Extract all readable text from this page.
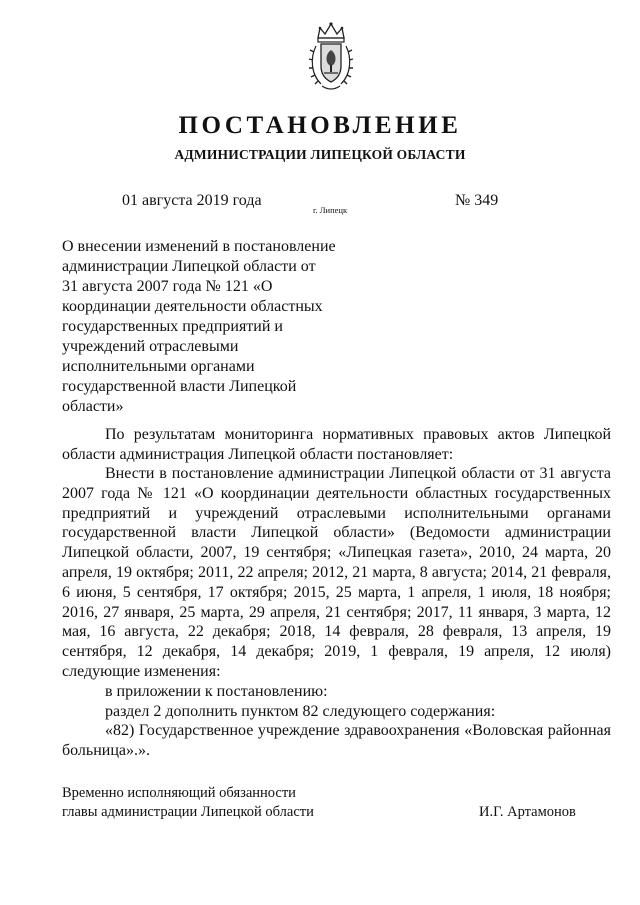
ПОСТАНОВЛЕНИЕ
АДМИНИСТРАЦИИ ЛИПЕЦКОЙ ОБЛАСТИ
01 августа 2019 года
г. Липецк
№ 349
О внесении изменений в постановление
администрации Липецкой области от
31 августа 2007 года № 121 «О
координации деятельности областных
государственных предприятий и
учреждений отраслевыми
исполнительными органами
государственной власти Липецкой
области»

По результатам мониторинга нормативных правовых актов Липецкой области администрация Липецкой области постановляет:

Внести в постановление администрации Липецкой области от 31 августа 2007 года № 121 «О координации деятельности областных государственных предприятий и учреждений отраслевыми исполнительными органами государственной власти Липецкой области» (Ведомости администрации Липецкой области, 2007, 19 сентября; «Липецкая газета», 2010, 24 марта, 20 апреля, 19 октября; 2011, 22 апреля; 2012, 21 марта, 8 августа; 2014, 21 февраля, 6 июня, 5 сентября, 17 октября; 2015, 25 марта, 1 апреля, 1 июля, 18 ноября; 2016, 27 января, 25 марта, 29 апреля, 21 сентября; 2017, 11 января, 3 марта, 12 мая, 16 августа, 22 декабря; 2018, 14 февраля, 28 февраля, 13 апреля, 19 сентября, 12 декабря, 14 декабря; 2019, 1 февраля, 19 апреля, 12 июля) следующие изменения:

в приложении к постановлению:

раздел 2 дополнить пунктом 82 следующего содержания:

«82) Государственное учреждение здравоохранения «Воловская районная больница».».

Временно исполняющий обязанности
главы администрации Липецкой области	И.Г. Артамонов
